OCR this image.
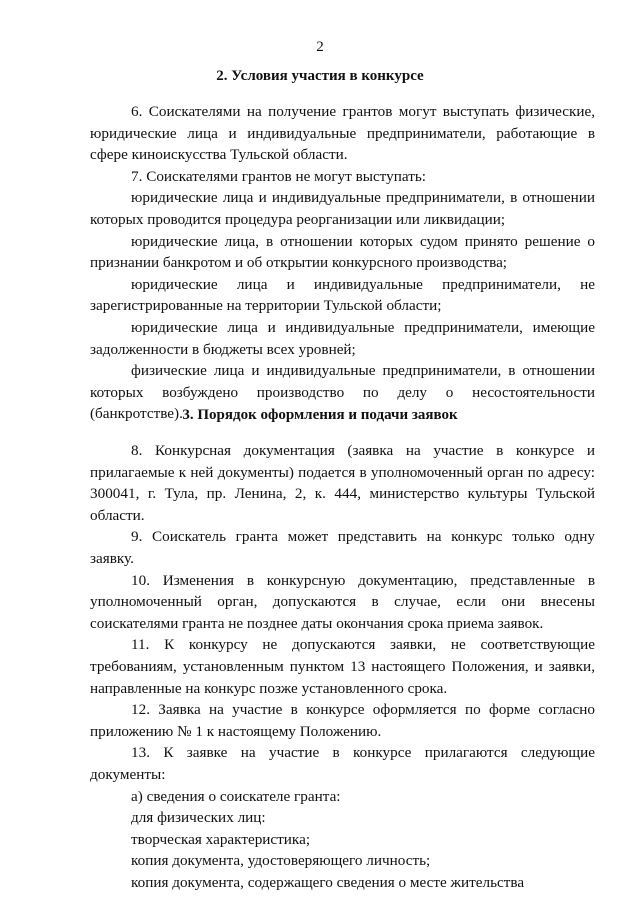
2
2. Условия участия в конкурсе

6. Соискателями на получение грантов могут выступать физические, юридические лица и индивидуальные предприниматели, работающие в сфере киноискусства Тульской области.

7. Соискателями грантов не могут выступать:

юридические лица и индивидуальные предприниматели, в отношении которых проводится процедура реорганизации или ликвидации;

юридические лица, в отношении которых судом принято решение о признании банкротом и об открытии конкурсного производства;

юридические лица и индивидуальные предприниматели, не зарегистрированные на территории Тульской области;

юридические лица и индивидуальные предприниматели, имеющие задолженности в бюджеты всех уровней;

физические лица и индивидуальные предприниматели, в отношении которых возбуждено производство по делу о несостоятельности (банкротстве). 3. Порядок оформления и подачи заявок

8. Конкурсная документация (заявка на участие в конкурсе и прилагаемые к ней документы) подается в уполномоченный орган по адресу: 300041, г. Тула, пр. Ленина, 2, к. 444, министерство культуры Тульской области.

9. Соискатель гранта может представить на конкурс только одну заявку.

10. Изменения в конкурсную документацию, представленные в уполномоченный орган, допускаются в случае, если они внесены соискателями гранта не позднее даты окончания срока приема заявок.

11. К конкурсу не допускаются заявки, не соответствующие требованиям, установленным пунктом 13 настоящего Положения, и заявки, направленные на конкурс позже установленного срока.

12. Заявка на участие в конкурсе оформляется по форме согласно приложению № 1 к настоящему Положению.

13. К заявке на участие в конкурсе прилагаются следующие документы:

а) сведения о соискателе гранта:

для физических лиц:

творческая характеристика;

копия документа, удостоверяющего личность;

копия документа, содержащего сведения о месте жительства
